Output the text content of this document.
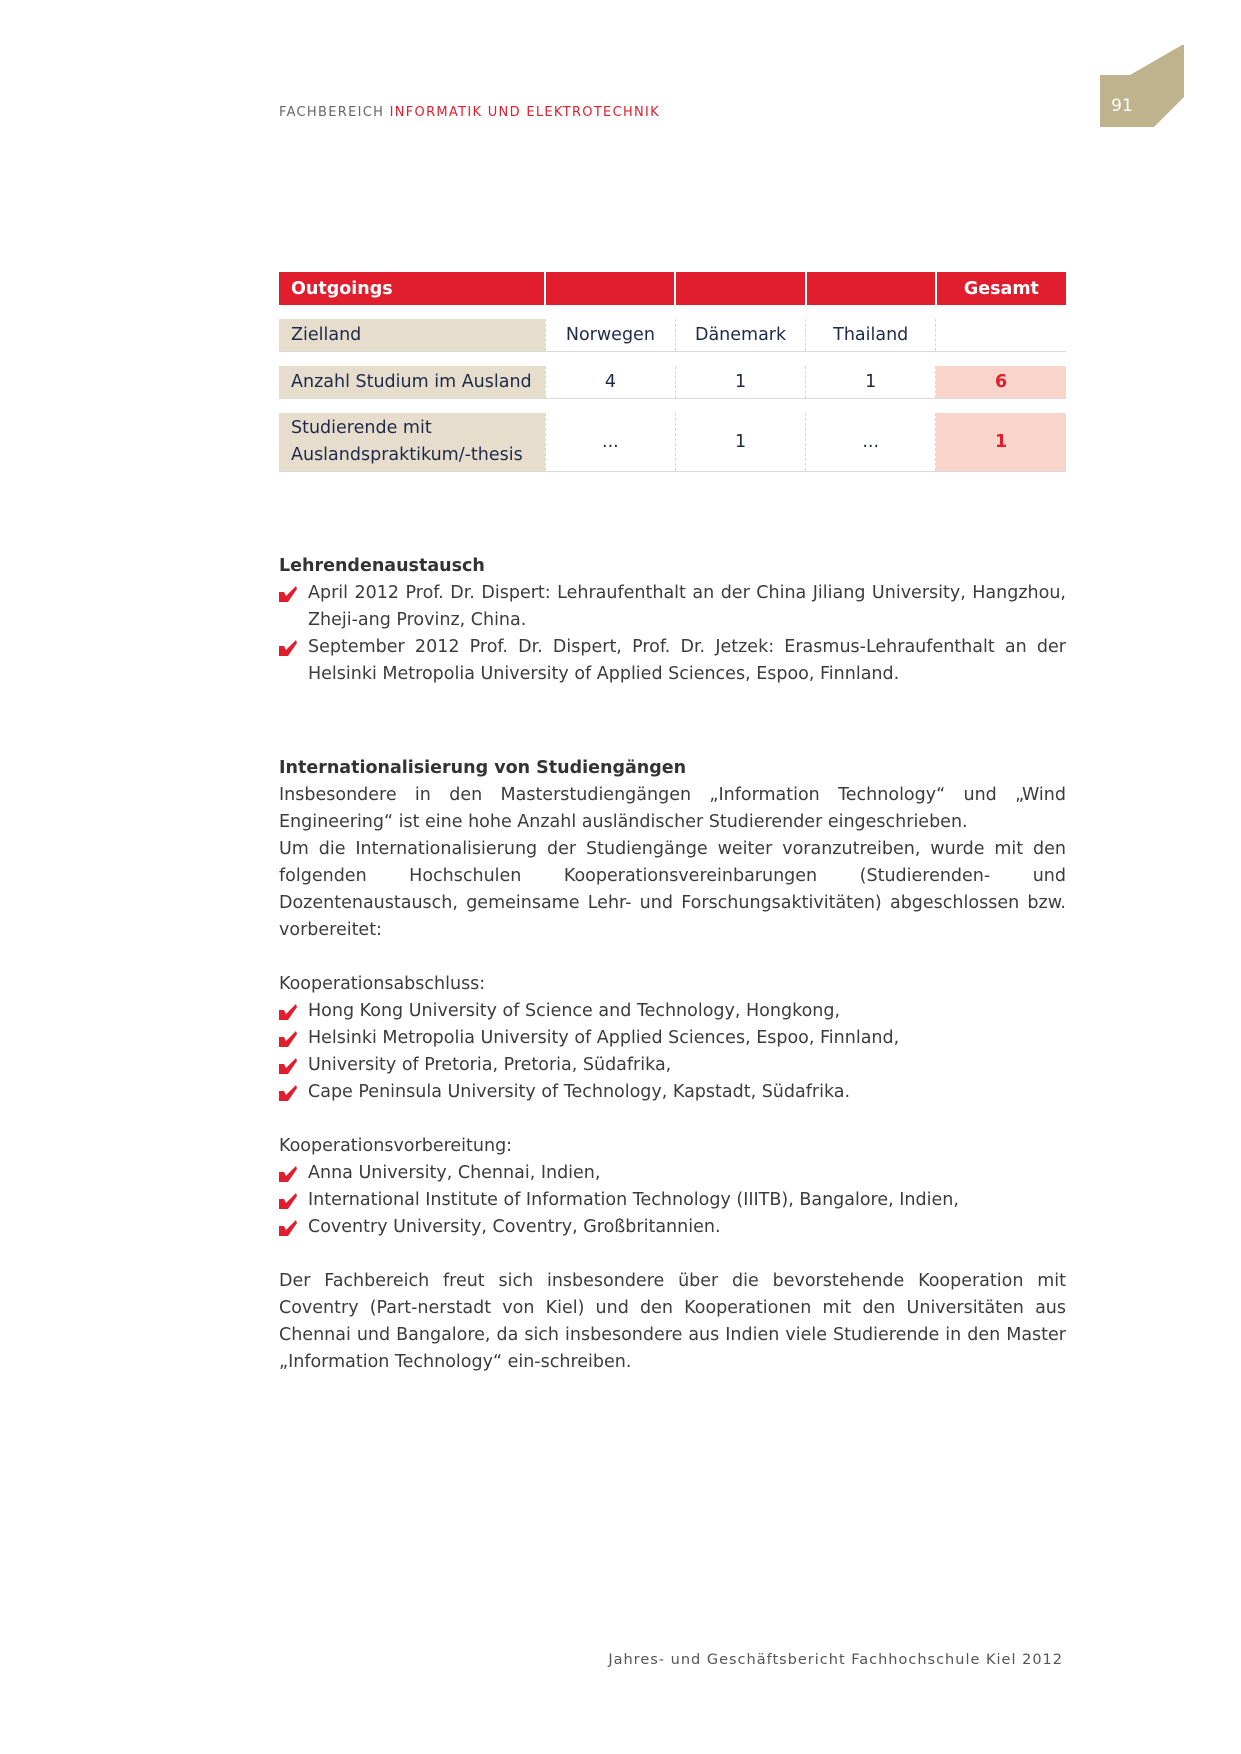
FACHBEREICH INFORMATIK UND ELEKTROTECHNIK	91
Outgoings				Gesamt

Zielland	Norwegen	Dänemark	Thailand	

Anzahl Studium im Ausland	4	1	1	6

Studierende mit
Auslandspraktikum/-thesis	...	1	...	1
Lehrendenaustausch
April 2012 Prof. Dr. Dispert: Lehraufenthalt an der China Jiliang University, Hangzhou, Zheji-ang Provinz, China.
September 2012 Prof. Dr. Dispert, Prof. Dr. Jetzek: Erasmus-Lehraufenthalt an der Helsinki Metropolia University of Applied Sciences, Espoo, Finnland.
Internationalisierung von Studiengängen

Insbesondere in den Masterstudiengängen „Information Technology“ und „Wind Engineering“ ist eine hohe Anzahl ausländischer Studierender eingeschrieben.

Um die Internationalisierung der Studiengänge weiter voranzutreiben, wurde mit den folgenden Hochschulen Kooperationsvereinbarungen (Studierenden- und Dozentenaustausch, gemeinsame Lehr- und Forschungsaktivitäten) abgeschlossen bzw. vorbereitet:

Kooperationsabschluss:

Hong Kong University of Science and Technology, Hongkong,
Helsinki Metropolia University of Applied Sciences, Espoo, Finnland,
University of Pretoria, Pretoria, Südafrika,
Cape Peninsula University of Technology, Kapstadt, Südafrika.

Kooperationsvorbereitung:

Anna University, Chennai, Indien,
International Institute of Information Technology (IIITB), Bangalore, Indien,
Coventry University, Coventry, Großbritannien.

Der Fachbereich freut sich insbesondere über die bevorstehende Kooperation mit Coventry (Part-nerstadt von Kiel) und den Kooperationen mit den Universitäten aus Chennai und Bangalore, da sich insbesondere aus Indien viele Studierende in den Master „Information Technology“ ein-schreiben.

Jahres- und Geschäftsbericht Fachhochschule Kiel 2012
